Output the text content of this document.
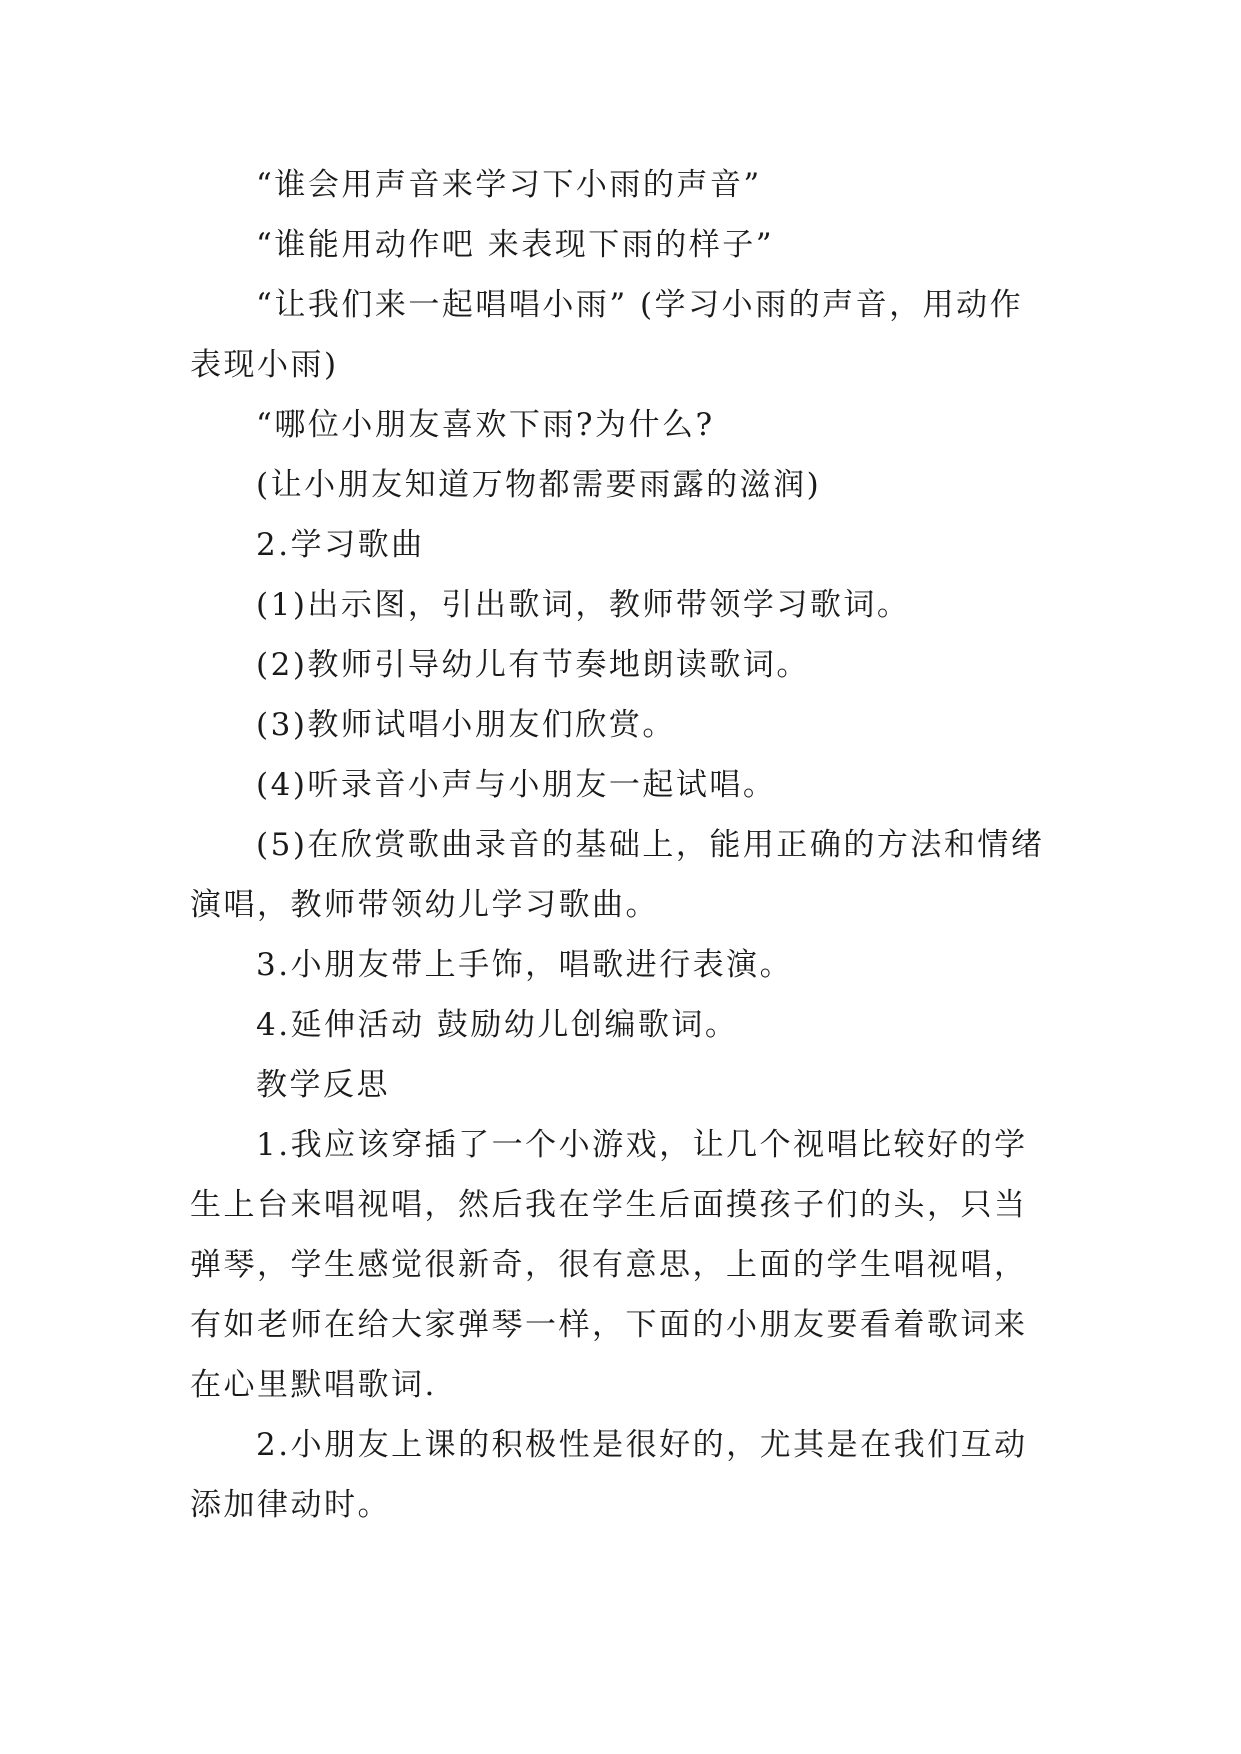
“谁会用声音来学习下小雨的声音”

“谁能用动作吧 来表现下雨的样子”

“让我们来一起唱唱小雨” (学习小雨的声音，用动作表现小雨)

“哪位小朋友喜欢下雨?为什么?

(让小朋友知道万物都需要雨露的滋润)

2.学习歌曲

(1)出示图，引出歌词，教师带领学习歌词。

(2)教师引导幼儿有节奏地朗读歌词。

(3)教师试唱小朋友们欣赏。

(4)听录音小声与小朋友一起试唱。

(5)在欣赏歌曲录音的基础上，能用正确的方法和情绪演唱，教师带领幼儿学习歌曲。

3.小朋友带上手饰，唱歌进行表演。

4.延伸活动 鼓励幼儿创编歌词。

教学反思

1.我应该穿插了一个小游戏，让几个视唱比较好的学生上台来唱视唱，然后我在学生后面摸孩子们的头，只当弹琴，学生感觉很新奇，很有意思，上面的学生唱视唱，有如老师在给大家弹琴一样，下面的小朋友要看着歌词来在心里默唱歌词.

2.小朋友上课的积极性是很好的，尤其是在我们互动添加律动时。
